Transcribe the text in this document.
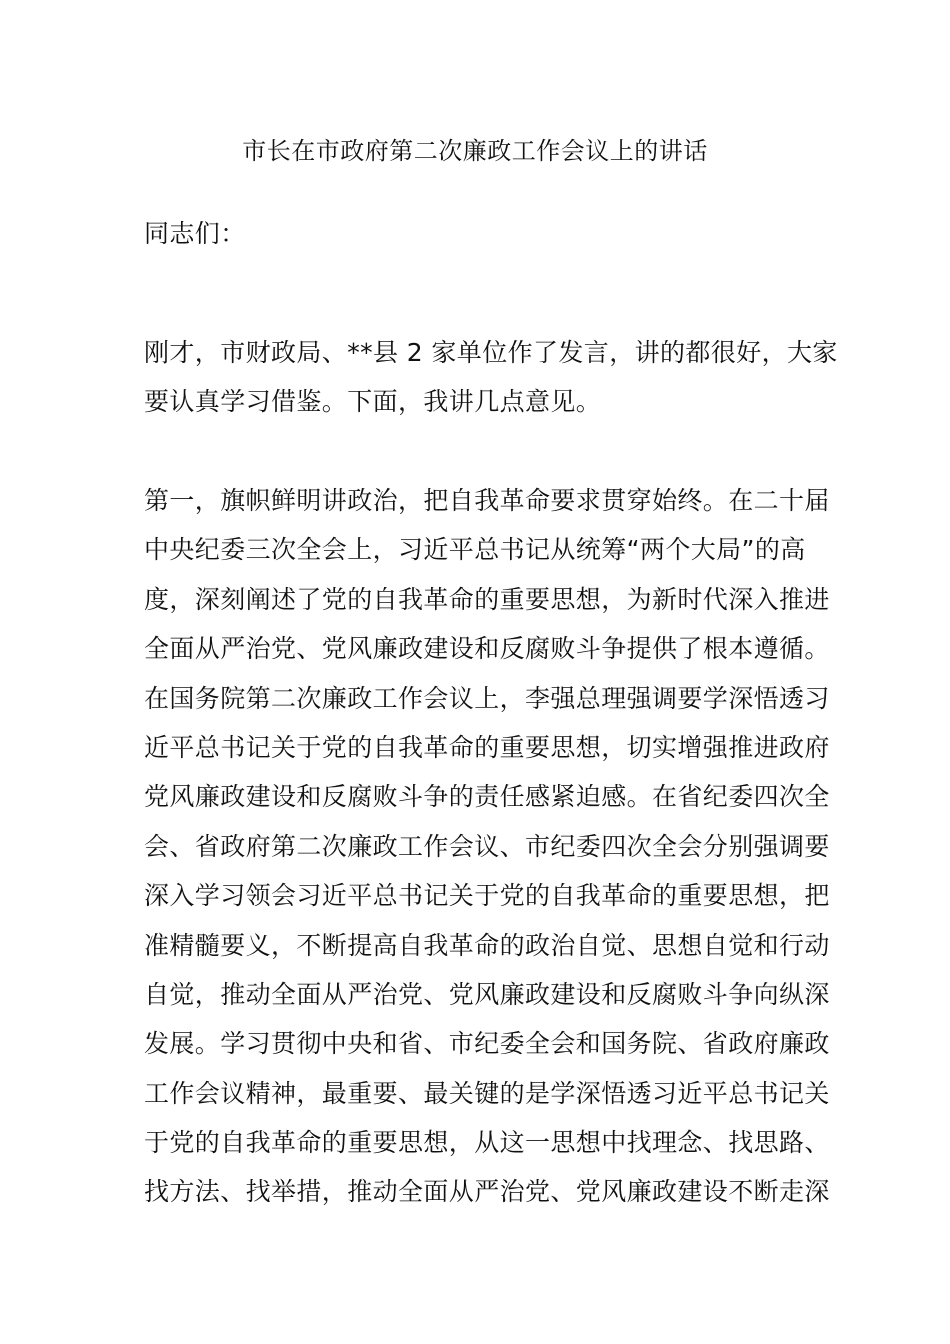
市长在市政府第二次廉政工作会议上的讲话
同志们：
刚才，市财政局、**县 2 家单位作了发言，讲的都很好，大家
要认真学习借鉴。下面，我讲几点意见。
第一，旗帜鲜明讲政治，把自我革命要求贯穿始终。在二十届
中央纪委三次全会上，习近平总书记从统筹“两个大局”的高
度，深刻阐述了党的自我革命的重要思想，为新时代深入推进
全面从严治党、党风廉政建设和反腐败斗争提供了根本遵循。
在国务院第二次廉政工作会议上，李强总理强调要学深悟透习
近平总书记关于党的自我革命的重要思想，切实增强推进政府
党风廉政建设和反腐败斗争的责任感紧迫感。在省纪委四次全
会、省政府第二次廉政工作会议、市纪委四次全会分别强调要
深入学习领会习近平总书记关于党的自我革命的重要思想，把
准精髓要义，不断提高自我革命的政治自觉、思想自觉和行动
自觉，推动全面从严治党、党风廉政建设和反腐败斗争向纵深
发展。学习贯彻中央和省、市纪委全会和国务院、省政府廉政
工作会议精神，最重要、最关键的是学深悟透习近平总书记关
于党的自我革命的重要思想，从这一思想中找理念、找思路、
找方法、找举措，推动全面从严治党、党风廉政建设不断走深
